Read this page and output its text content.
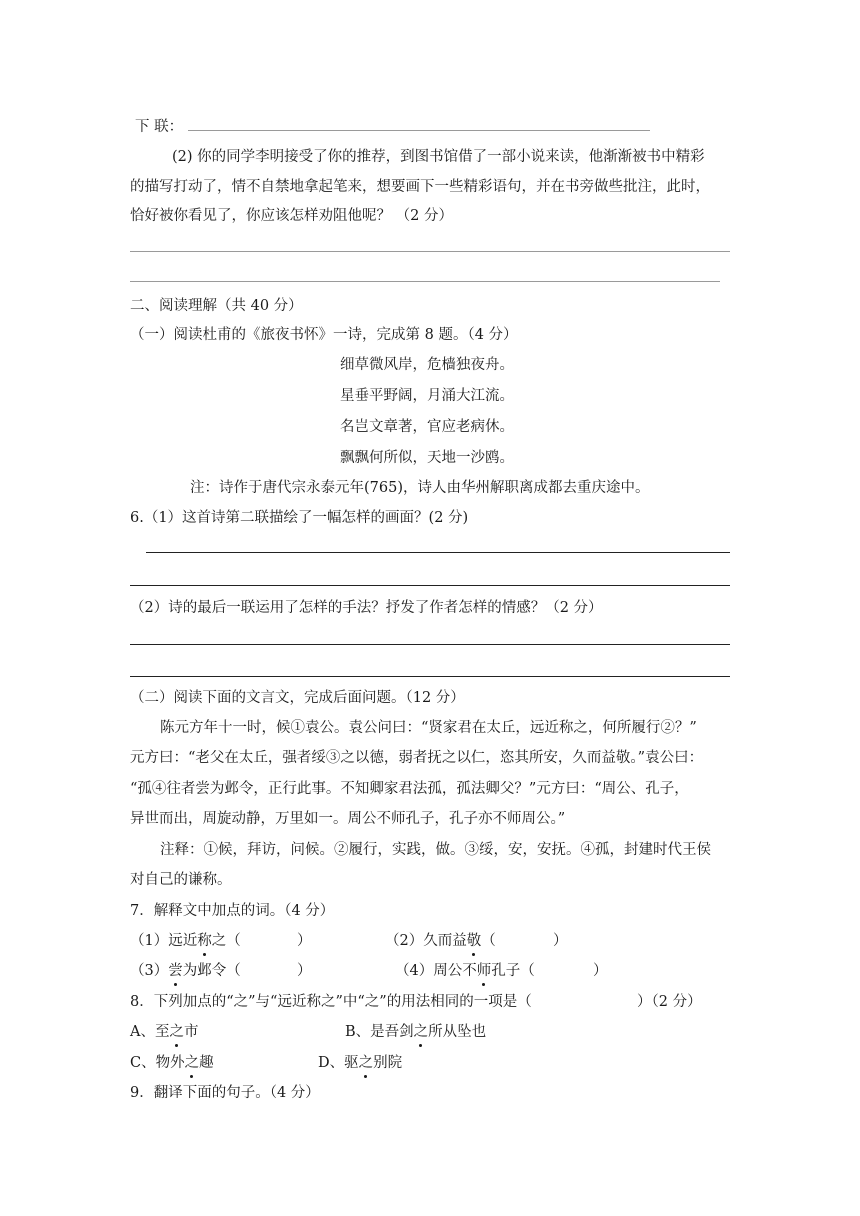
下 联：
(2) 你的同学李明接受了你的推荐，到图书馆借了一部小说来读，他渐渐被书中精彩
的描写打动了，情不自禁地拿起笔来，想要画下一些精彩语句，并在书旁做些批注，此时，
恰好被你看见了，你应该怎样劝阻他呢？ （2 分）
二、阅读理解（共 40 分）
（一）阅读杜甫的《旅夜书怀》一诗，完成第 8 题。（4 分）
细草微风岸，危樯独夜舟。
星垂平野阔，月涌大江流。
名岂文章著，官应老病休。
飘飘何所似，天地一沙鸥。
注：诗作于唐代宗永泰元年(765)，诗人由华州解职离成都去重庆途中。
6.（1）这首诗第二联描绘了一幅怎样的画面？(2 分)
（2）诗的最后一联运用了怎样的手法？抒发了作者怎样的情感？（2 分）
（二）阅读下面的文言文，完成后面问题。（12 分）
陈元方年十一时，候①袁公。袁公问曰：“贤家君在太丘，远近称之，何所履行②？”
元方曰：“老父在太丘，强者绥③之以德，弱者抚之以仁，恣其所安，久而益敬。”袁公曰：
“孤④往者尝为邺令，正行此事。不知卿家君法孤，孤法卿父？”元方曰：“周公、孔子，
异世而出，周旋动静，万里如一。周公不师孔子，孔子亦不师周公。”
注释：①候，拜访，问候。②履行，实践，做。③绥，安，安抚。④孤，封建时代王侯
对自己的谦称。
7．解释文中加点的词。（4 分）
（1）远近称之（	）	（2）久而益敬（	）
（3）尝为邺令（	）	（4）周公不师孔子（	）
8．下列加点的“之”与“远近称之”中“之”的用法相同的一项是（	）（2 分）
A、至之市	B、是吾剑之所从坠也
C、物外之趣	D、驱之别院
9．翻译下面的句子。（4 分）
